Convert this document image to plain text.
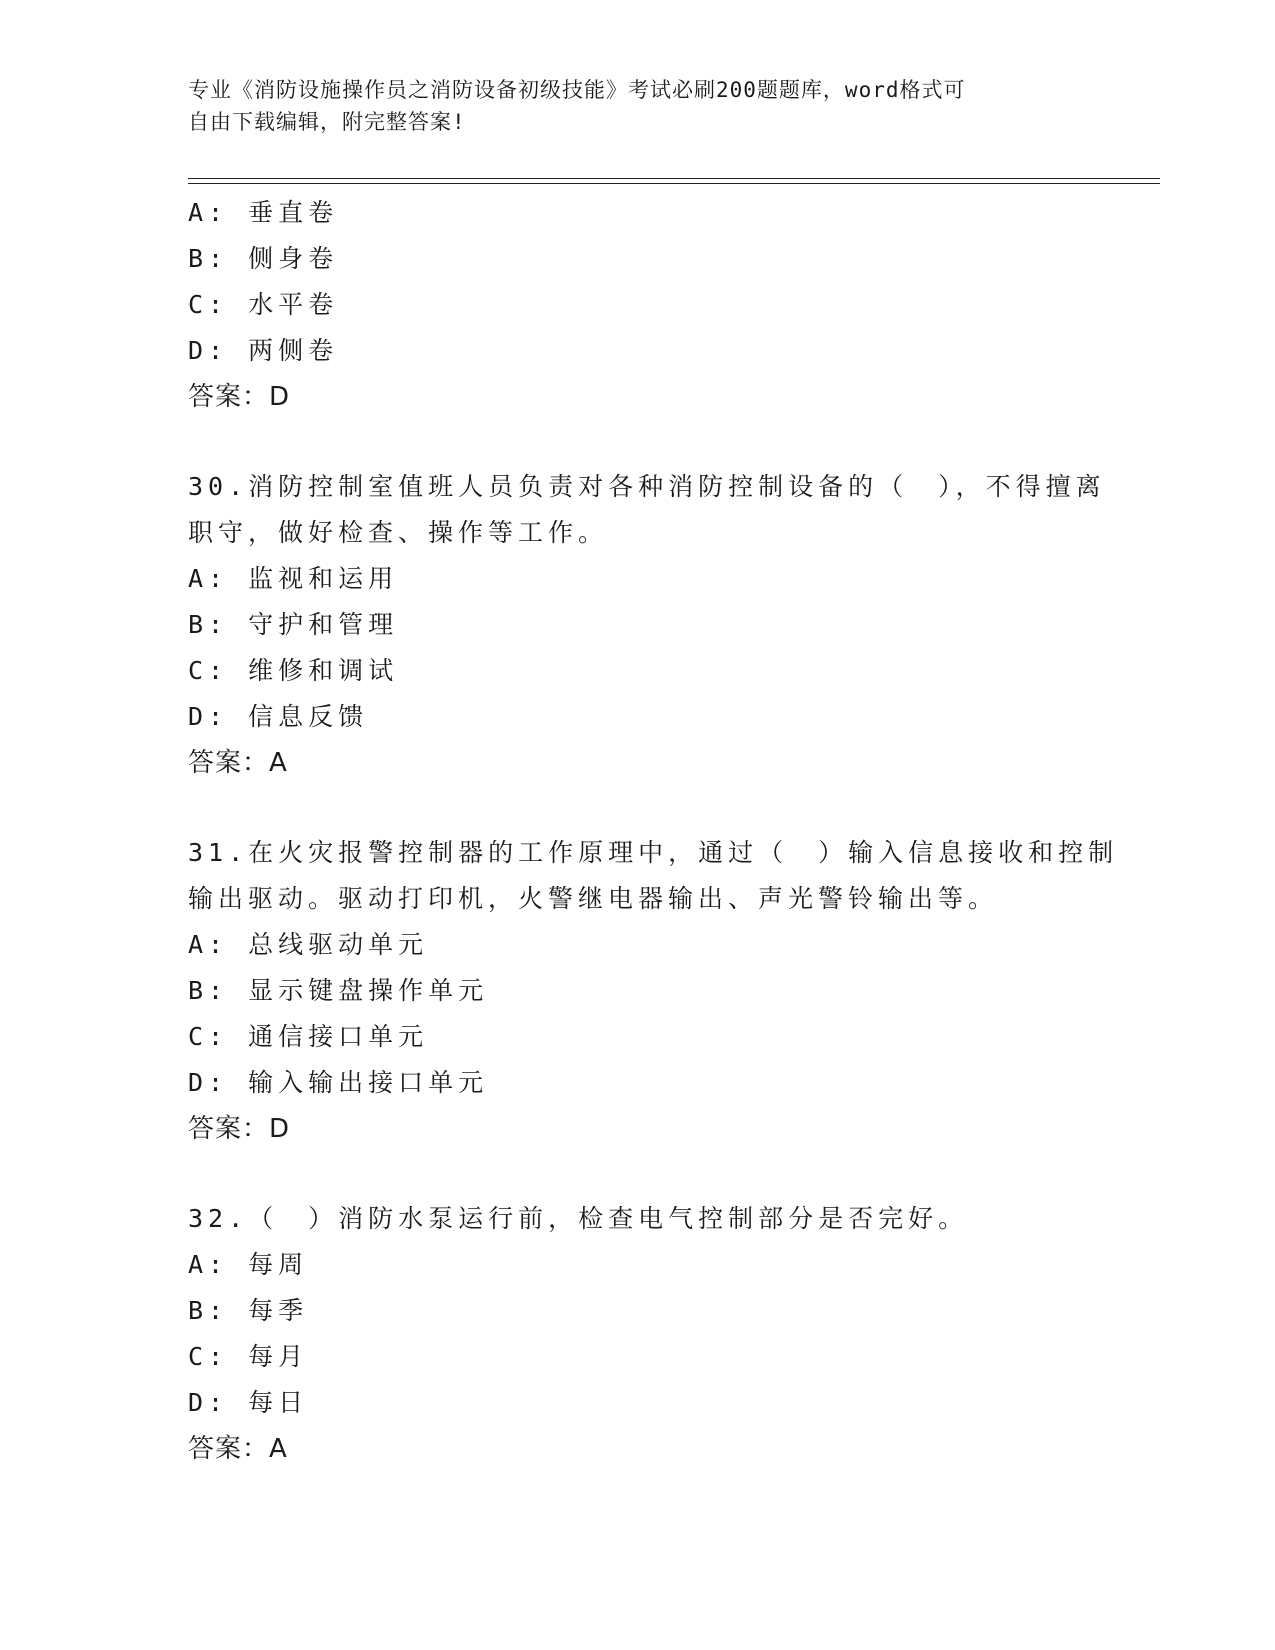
专业《消防设施操作员之消防设备初级技能》考试必刷200题题库，word格式可
自由下载编辑，附完整答案!
A: 垂直卷
B: 侧身卷
C: 水平卷
D: 两侧卷
答案：D
30.消防控制室值班人员负责对各种消防控制设备的（　），不得擅离
职守，做好检查、操作等工作。
A: 监视和运用
B: 守护和管理
C: 维修和调试
D: 信息反馈
答案：A
31.在火灾报警控制器的工作原理中，通过（　）输入信息接收和控制
输出驱动。驱动打印机，火警继电器输出、声光警铃输出等。
A: 总线驱动单元
B: 显示键盘操作单元
C: 通信接口单元
D: 输入输出接口单元
答案：D
32.（　）消防水泵运行前，检查电气控制部分是否完好。
A: 每周
B: 每季
C: 每月
D: 每日
答案：A
